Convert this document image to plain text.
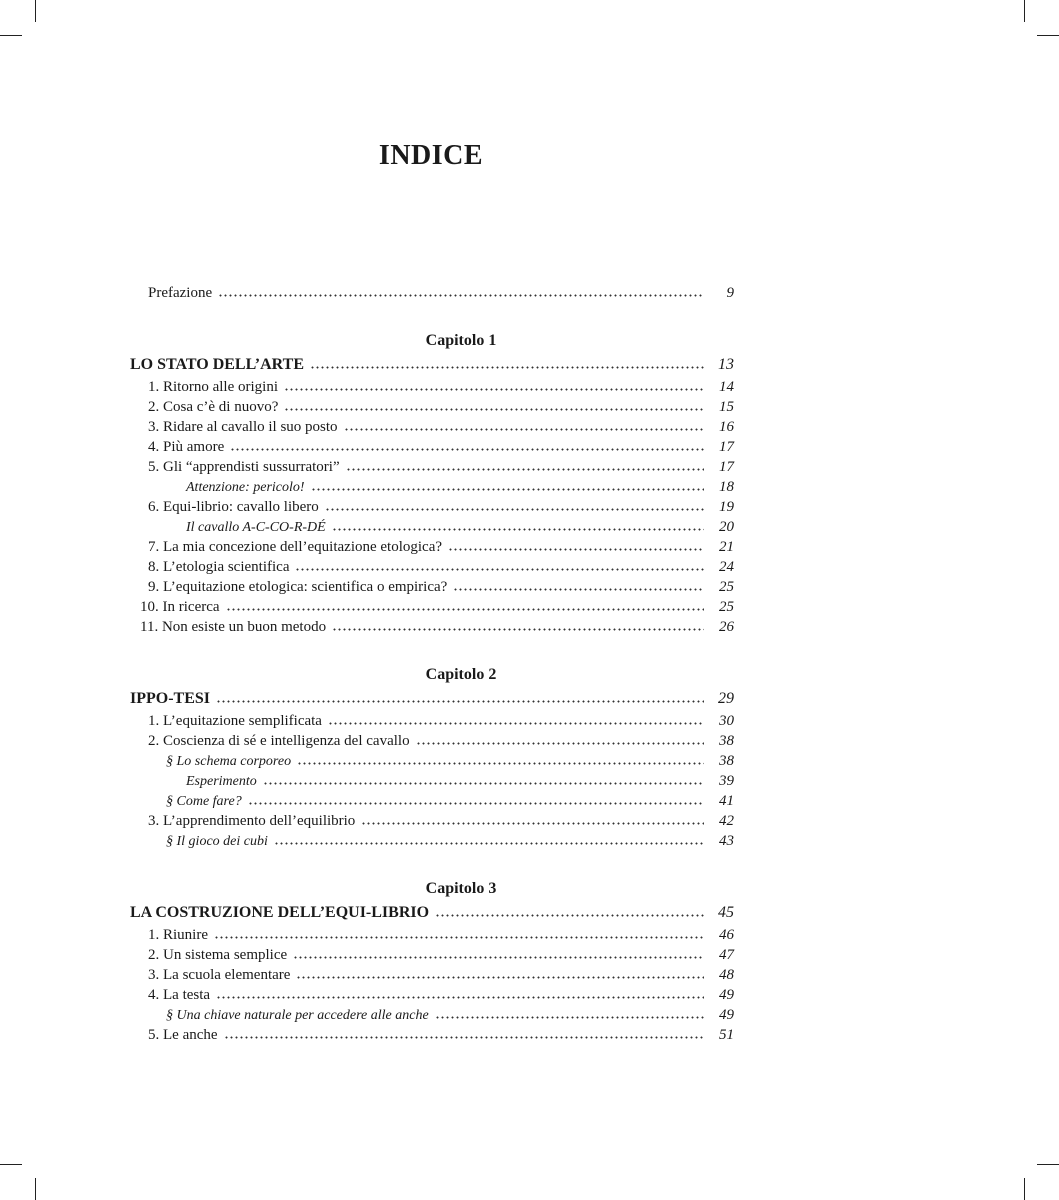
INDICE
Prefazione	9
Capitolo 1
LO STATO DELL’ARTE	13
1. Ritorno alle origini	14
2. Cosa c’è di nuovo?	15
3. Ridare al cavallo il suo posto	16
4. Più amore	17
5. Gli “apprendisti sussurratori”	17
Attenzione: pericolo!	18
6. Equi-librio: cavallo libero	19
Il cavallo A-C-CO-R-DÉ	20
7. La mia concezione dell’equitazione etologica?	21
8. L’etologia scientifica	24
9. L’equitazione etologica: scientifica o empirica?	25
10. In ricerca	25
11. Non esiste un buon metodo	26
Capitolo 2
IPPO-TESI	29
1. L’equitazione semplificata	30
2. Coscienza di sé e intelligenza del cavallo	38
§ Lo schema corporeo	38
Esperimento	39
§ Come fare?	41
3. L’apprendimento dell’equilibrio	42
§ Il gioco dei cubi	43
Capitolo 3
LA COSTRUZIONE DELL’EQUI-LIBRIO	45
1. Riunire	46
2. Un sistema semplice	47
3. La scuola elementare	48
4. La testa	49
§ Una chiave naturale per accedere alle anche	49
5. Le anche	51
